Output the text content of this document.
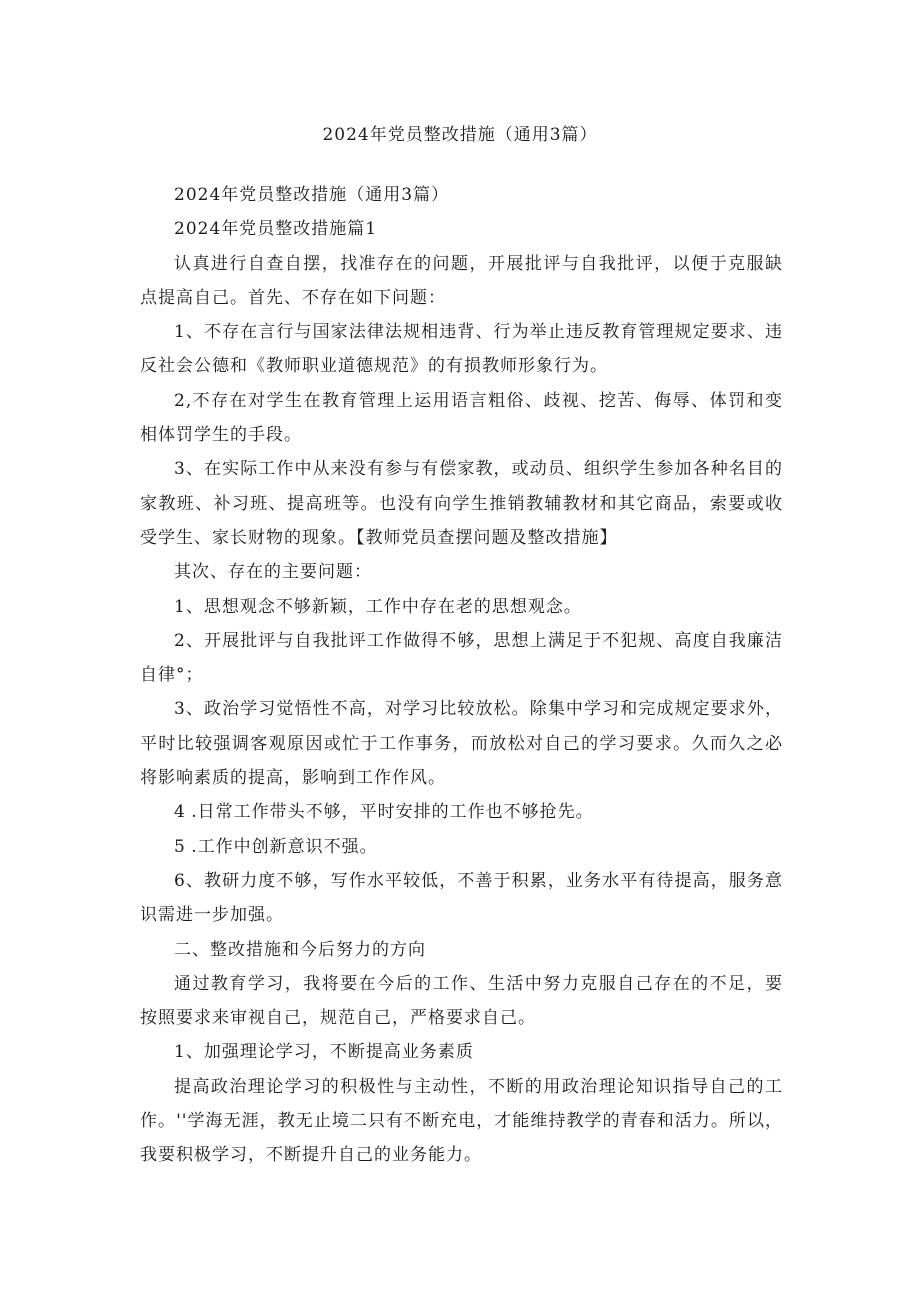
2024年党员整改措施（通用3篇）

2024年党员整改措施（通用3篇）

2024年党员整改措施篇1

认真进行自查自摆，找准存在的问题，开展批评与自我批评，以便于克服缺点提高自己。首先、不存在如下问题：

1、不存在言行与国家法律法规相违背、行为举止违反教育管理规定要求、违反社会公德和《教师职业道德规范》的有损教师形象行为。

2,不存在对学生在教育管理上运用语言粗俗、歧视、挖苦、侮辱、体罚和变相体罚学生的手段。

3、在实际工作中从来没有参与有偿家教，或动员、组织学生参加各种名目的家教班、补习班、提高班等。也没有向学生推销教辅教材和其它商品，索要或收受学生、家长财物的现象。【教师党员查摆问题及整改措施】

其次、存在的主要问题：

1、思想观念不够新颖，工作中存在老的思想观念。

2、开展批评与自我批评工作做得不够，思想上满足于不犯规、高度自我廉洁自律°；

3、政治学习觉悟性不高，对学习比较放松。除集中学习和完成规定要求外，平时比较强调客观原因或忙于工作事务，而放松对自己的学习要求。久而久之必将影响素质的提高，影响到工作作风。

4	.日常工作带头不够，平时安排的工作也不够抢先。

5	.工作中创新意识不强。

6、教研力度不够，写作水平较低，不善于积累，业务水平有待提高，服务意识需进一步加强。

二、整改措施和今后努力的方向

通过教育学习，我将要在今后的工作、生活中努力克服自己存在的不足，要按照要求来审视自己，规范自己，严格要求自己。

1、加强理论学习，不断提高业务素质

提高政治理论学习的积极性与主动性，不断的用政治理论知识指导自己的工作。''学海无涯，教无止境二只有不断充电，才能维持教学的青春和活力。所以，我要积极学习，不断提升自己的业务能力。
